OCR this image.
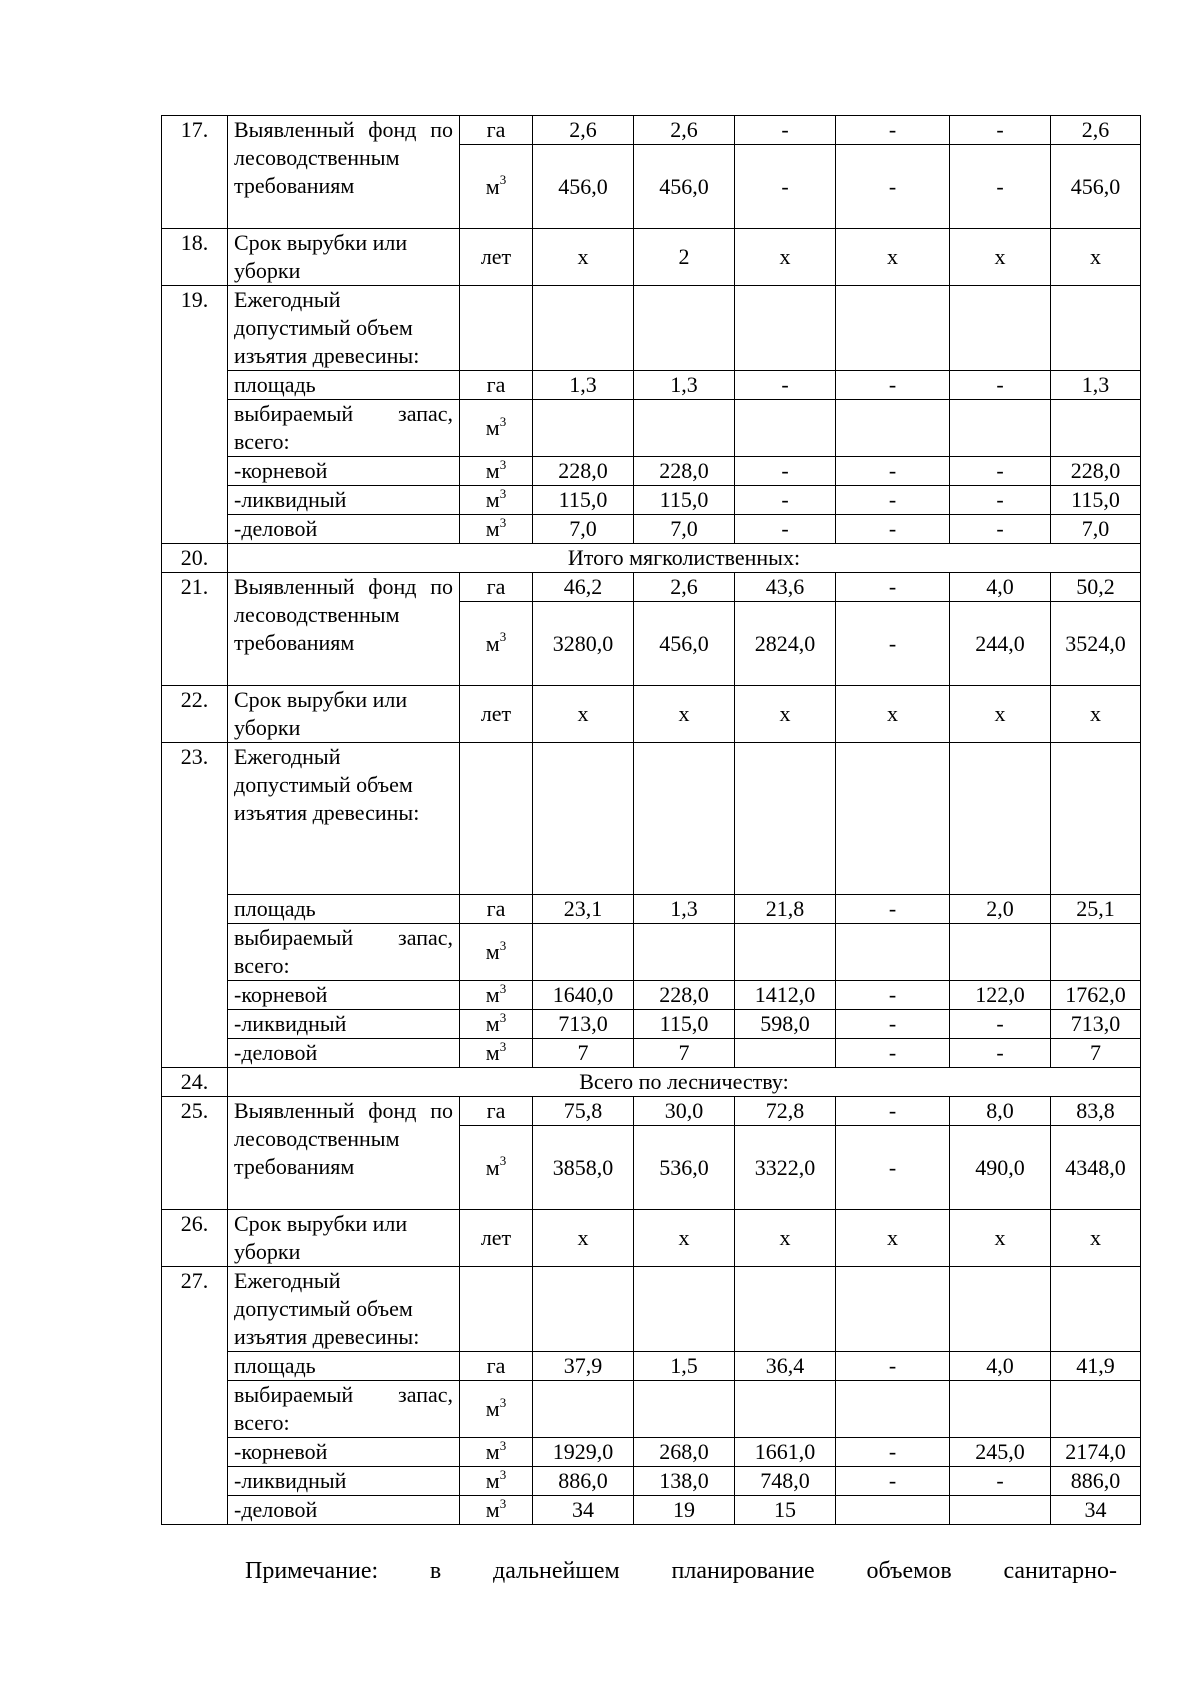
17.	Выявленный фонд по лесоводственным требованиям	га	2,6	2,6	-	-	-	2,6
		$м^3$	456,0	456,0	-	-	-	456,0
18.	Срок вырубки или уборки	лет	х	2	х	х	х	х
19.	Ежегодный допустимый объем изъятия древесины:							
	площадь	га	1,3	1,3	-	-	-	1,3
	выбираемый запас, всего:	$м^3$						
	-корневой	$м^3$	228,0	228,0	-	-	-	228,0
	-ликвидный	$м^3$	115,0	115,0	-	-	-	115,0
	-деловой	$м^3$	7,0	7,0	-	-	-	7,0
20.	Итого мягколиственных:							
21.	Выявленный фонд по лесоводственным требованиям	га	46,2	2,6	43,6	-	4,0	50,2
		$м^3$	3280,0	456,0	2824,0	-	244,0	3524,0
22.	Срок вырубки или уборки	лет	х	х	х	х	х	х
23.	Ежегодный допустимый объем изъятия древесины:							
	площадь	га	23,1	1,3	21,8	-	2,0	25,1
	выбираемый запас, всего:	$м^3$						
	-корневой	$м^3$	1640,0	228,0	1412,0	-	122,0	1762,0
	-ликвидный	$м^3$	713,0	115,0	598,0	-	-	713,0
	-деловой	$м^3$	7	7		-	-	7
24.	Всего по лесничеству:							
25.	Выявленный фонд по лесоводственным требованиям	га	75,8	30,0	72,8	-	8,0	83,8
		$м^3$	3858,0	536,0	3322,0	-	490,0	4348,0
26.	Срок вырубки или уборки	лет	х	х	х	х	х	х
27.	Ежегодный допустимый объем изъятия древесины:							
	площадь	га	37,9	1,5	36,4	-	4,0	41,9
	выбираемый запас, всего:	$м^3$						
	-корневой	$м^3$	1929,0	268,0	1661,0	-	245,0	2174,0
	-ликвидный	$м^3$	886,0	138,0	748,0	-	-	886,0
	-деловой	$м^3$	34	19	15			34
Примечание: в дальнейшем планирование объемов санитарно-
